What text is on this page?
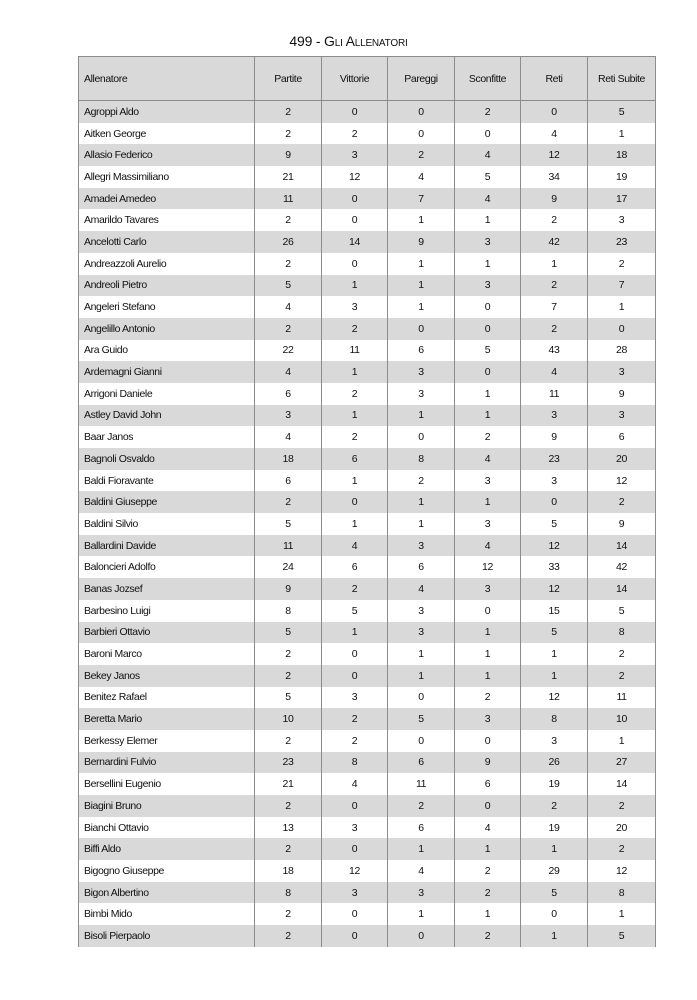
499 - Gli Allenatori
Allenatore	Partite	Vittorie	Pareggi	Sconfitte	Reti	Reti Subite
Agroppi Aldo	2	0	0	2	0	5
Aitken George	2	2	0	0	4	1
Allasio Federico	9	3	2	4	12	18
Allegri Massimiliano	21	12	4	5	34	19
Amadei Amedeo	11	0	7	4	9	17
Amarildo Tavares	2	0	1	1	2	3
Ancelotti Carlo	26	14	9	3	42	23
Andreazzoli Aurelio	2	0	1	1	1	2
Andreoli Pietro	5	1	1	3	2	7
Angeleri Stefano	4	3	1	0	7	1
Angelillo Antonio	2	2	0	0	2	0
Ara Guido	22	11	6	5	43	28
Ardemagni Gianni	4	1	3	0	4	3
Arrigoni Daniele	6	2	3	1	11	9
Astley David John	3	1	1	1	3	3
Baar Janos	4	2	0	2	9	6
Bagnoli Osvaldo	18	6	8	4	23	20
Baldi Fioravante	6	1	2	3	3	12
Baldini Giuseppe	2	0	1	1	0	2
Baldini Silvio	5	1	1	3	5	9
Ballardini Davide	11	4	3	4	12	14
Baloncieri Adolfo	24	6	6	12	33	42
Banas Jozsef	9	2	4	3	12	14
Barbesino Luigi	8	5	3	0	15	5
Barbieri Ottavio	5	1	3	1	5	8
Baroni Marco	2	0	1	1	1	2
Bekey Janos	2	0	1	1	1	2
Benitez Rafael	5	3	0	2	12	11
Beretta Mario	10	2	5	3	8	10
Berkessy Elemer	2	2	0	0	3	1
Bernardini Fulvio	23	8	6	9	26	27
Bersellini Eugenio	21	4	11	6	19	14
Biagini Bruno	2	0	2	0	2	2
Bianchi Ottavio	13	3	6	4	19	20
Biffi Aldo	2	0	1	1	1	2
Bigogno Giuseppe	18	12	4	2	29	12
Bigon Albertino	8	3	3	2	5	8
Bimbi Mido	2	0	1	1	0	1
Bisoli Pierpaolo	2	0	0	2	1	5
